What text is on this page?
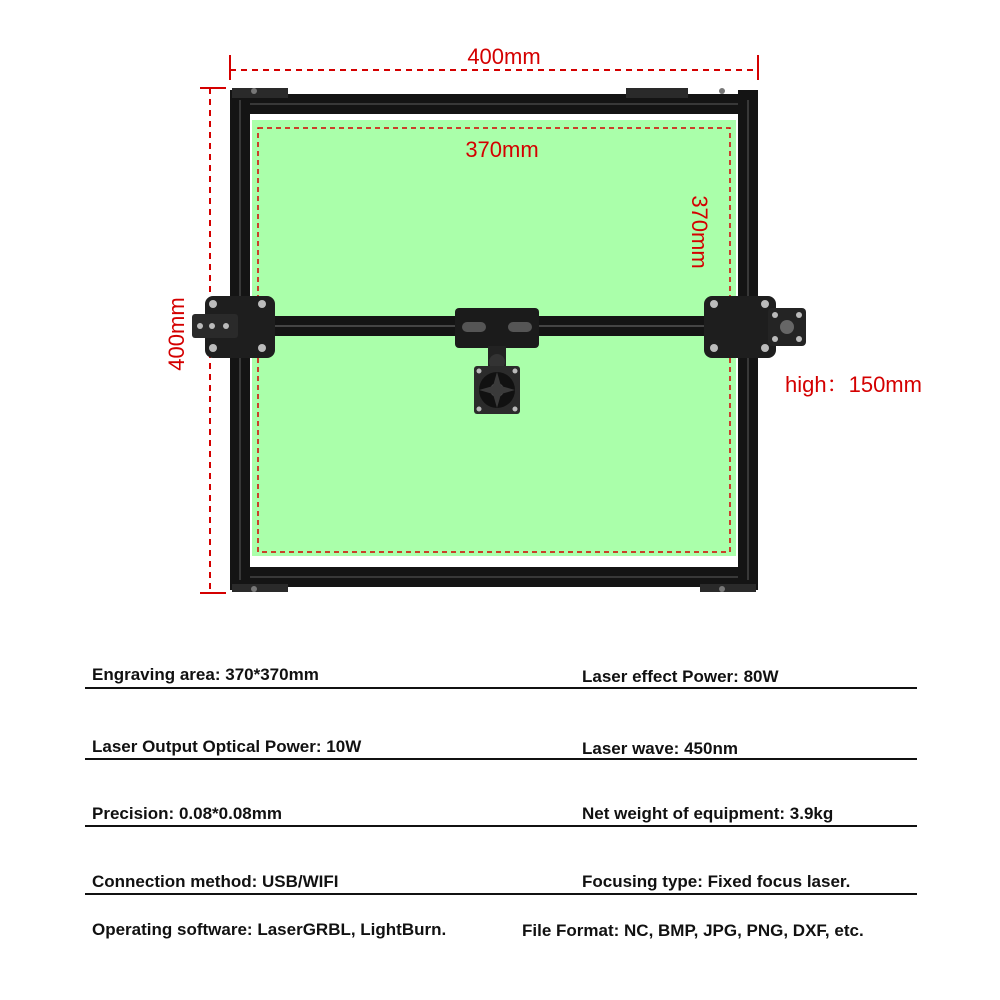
400mm
400mm
370mm
370mm
high：150mm
Engraving area: 370*370mm	Laser effect Power: 80W
Laser Output Optical Power: 10W	Laser wave: 450nm
Precision: 0.08*0.08mm	Net weight of equipment: 3.9kg
Connection method: USB/WIFI	Focusing type: Fixed focus laser.
Operating software: LaserGRBL, LightBurn.	File Format: NC, BMP, JPG, PNG, DXF, etc.
